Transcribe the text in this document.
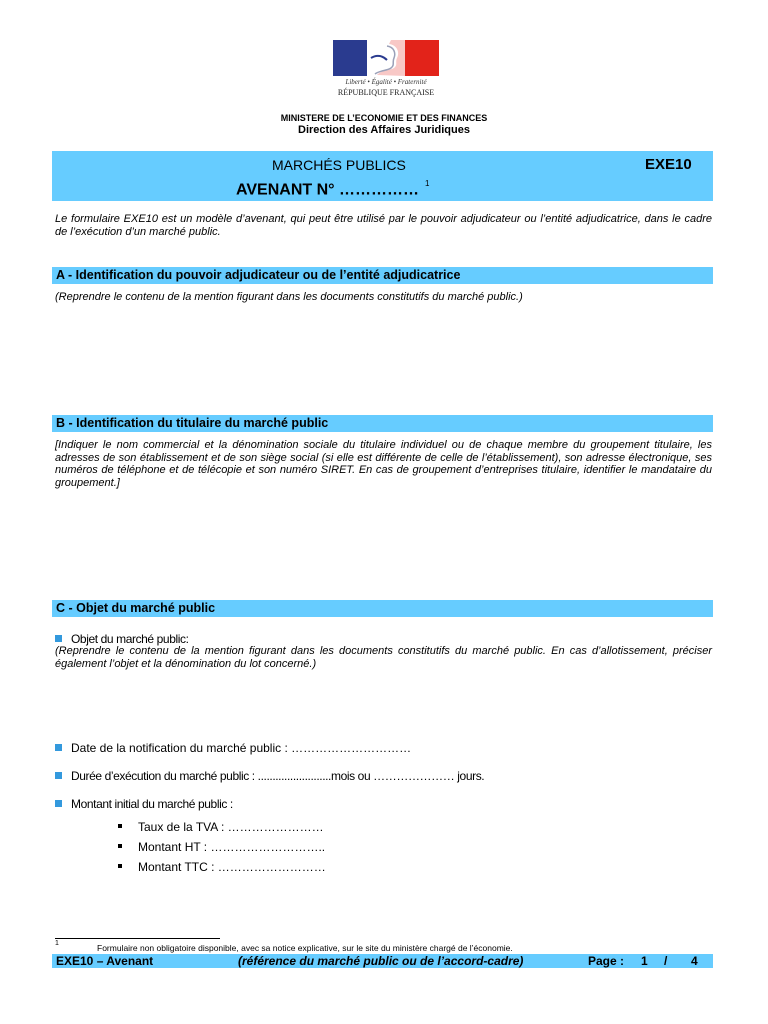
Liberté • Égalité • Fraternité
RÉPUBLIQUE FRANÇAISE
MINISTERE DE L’ECONOMIE ET DES FINANCES
Direction des Affaires Juridiques
MARCHÉS PUBLICS	EXE10
AVENANT N° …………… $^1$
Le formulaire EXE10 est un modèle d’avenant, qui peut être utilisé par le pouvoir adjudicateur ou l’entité adjudicatrice, dans le cadre de l’exécution d’un marché public.
A - Identification du pouvoir adjudicateur ou de l’entité adjudicatrice
(Reprendre le contenu de la mention figurant dans les documents constitutifs du marché public.)
B - Identification du titulaire du marché public
[Indiquer le nom commercial et la dénomination sociale du titulaire individuel ou de chaque membre du groupement titulaire, les adresses de son établissement et de son siège social (si elle est différente de celle de l’établissement), son adresse électronique, ses numéros de téléphone et de télécopie et son numéro SIRET. En cas de groupement d’entreprises titulaire, identifier le mandataire du groupement.]
C - Objet du marché public
Objet du marché public:
(Reprendre le contenu de la mention figurant dans les documents constitutifs du marché public. En cas d’allotissement, préciser également l’objet et la dénomination du lot concerné.)
Date de la notification du marché public : …………………………
Durée d’exécution du marché public : .........................mois ou ………………… jours.
Montant initial du marché public :
Taux de la TVA : ……………………
Montant HT : ………………………..
Montant TTC : ………………………
1	Formulaire non obligatoire disponible, avec sa notice explicative, sur le site du ministère chargé de l’économie.
EXE10 – Avenant	(référence du marché public ou de l’accord-cadre)	Page : 1 / 4
